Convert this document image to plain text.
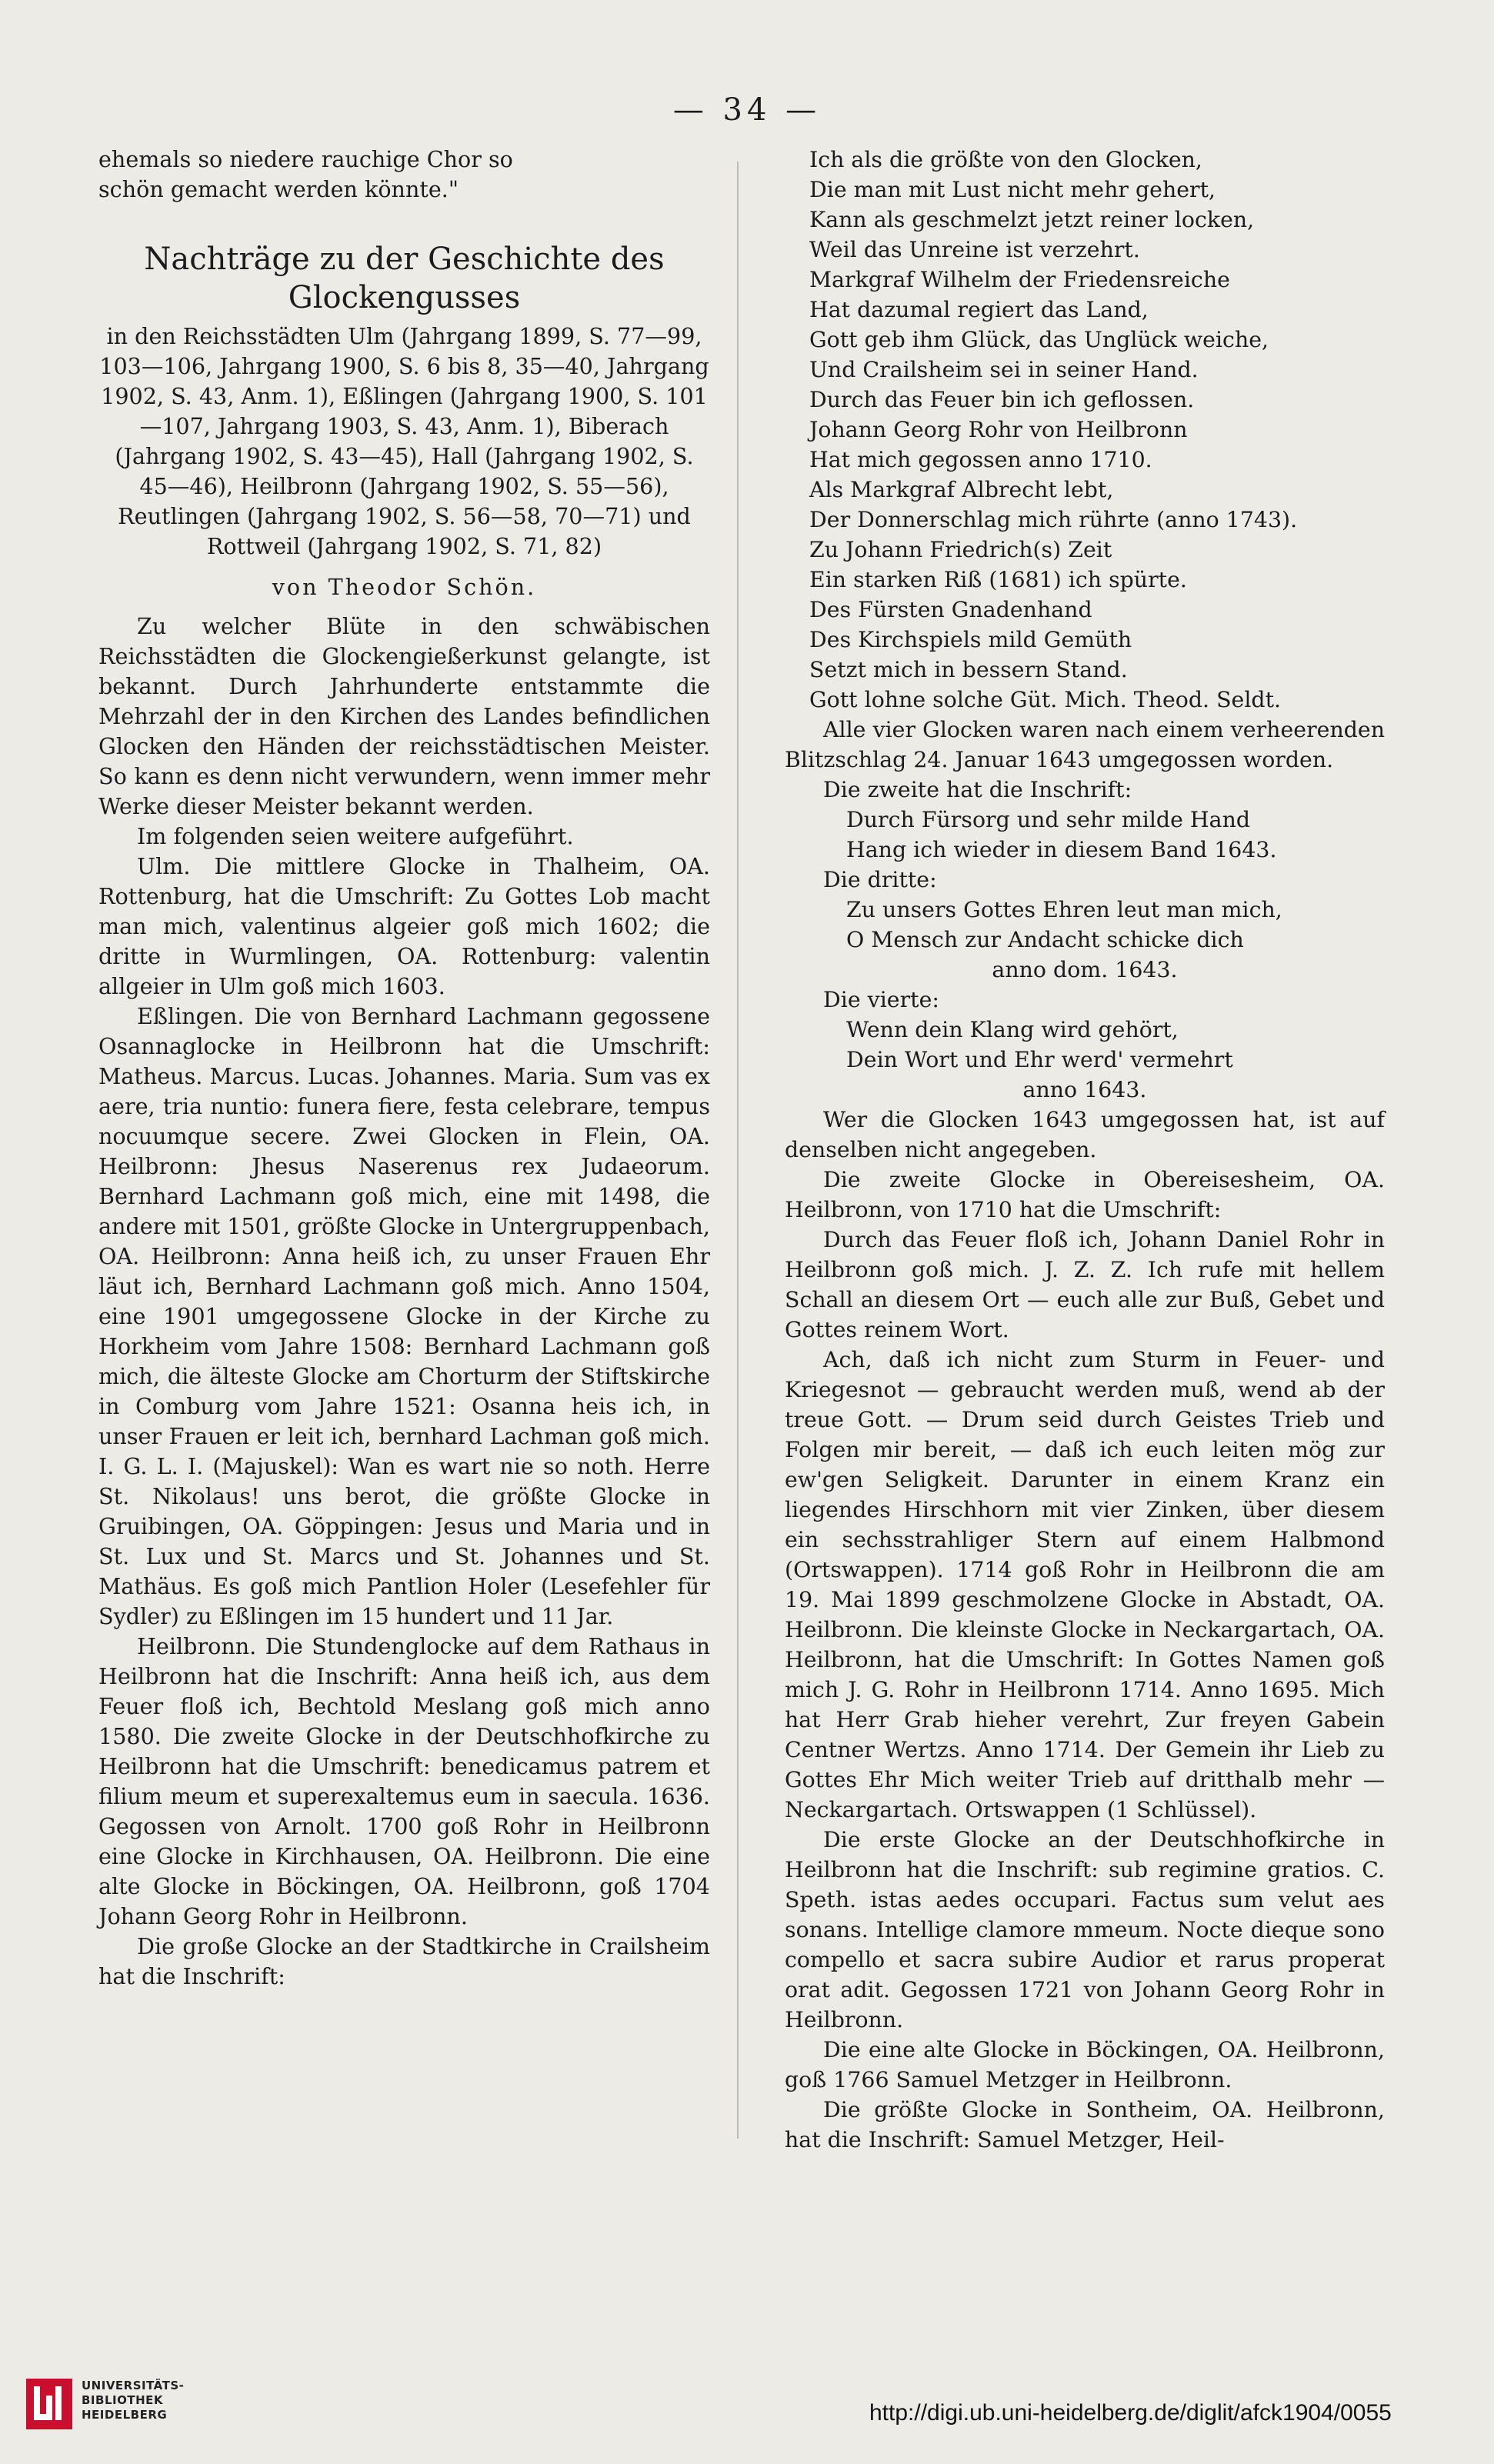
— 34 —

ehemals so niedere rauchige Chor so

schön gemacht werden könnte."

Nachträge zu der Geschichte des Glockengusses

in den Reichsstädten Ulm (Jahrgang 1899, S. 77—99, 103—106, Jahrgang 1900, S. 6 bis 8, 35—40, Jahrgang 1902, S. 43, Anm. 1), Eßlingen (Jahrgang 1900, S. 101—107, Jahrgang 1903, S. 43, Anm. 1), Biberach (Jahrgang 1902, S. 43—45), Hall (Jahrgang 1902, S. 45—46), Heilbronn (Jahrgang 1902, S. 55—56), Reutlingen (Jahrgang 1902, S. 56—58, 70—71) und Rottweil (Jahrgang 1902, S. 71, 82)

von Theodor Schön.

Zu welcher Blüte in den schwäbischen Reichsstädten die Glockengießerkunst gelangte, ist bekannt. Durch Jahrhunderte entstammte die Mehrzahl der in den Kirchen des Landes befindlichen Glocken den Händen der reichsstädtischen Meister. So kann es denn nicht verwundern, wenn immer mehr Werke dieser Meister bekannt werden.

Im folgenden seien weitere aufgeführt.

Ulm. Die mittlere Glocke in Thalheim, OA. Rottenburg, hat die Umschrift: Zu Gottes Lob macht man mich, valentinus algeier goß mich 1602; die dritte in Wurmlingen, OA. Rottenburg: valentin allgeier in Ulm goß mich 1603.

Eßlingen. Die von Bernhard Lachmann gegossene Osannaglocke in Heilbronn hat die Umschrift: Matheus. Marcus. Lucas. Johannes. Maria. Sum vas ex aere, tria nuntio: funera fiere, festa celebrare, tempus nocuumque secere. Zwei Glocken in Flein, OA. Heilbronn: Jhesus Naserenus rex Judaeorum. Bernhard Lachmann goß mich, eine mit 1498, die andere mit 1501, größte Glocke in Untergruppenbach, OA. Heilbronn: Anna heiß ich, zu unser Frauen Ehr läut ich, Bernhard Lachmann goß mich. Anno 1504, eine 1901 umgegossene Glocke in der Kirche zu Horkheim vom Jahre 1508: Bernhard Lachmann goß mich, die älteste Glocke am Chorturm der Stiftskirche in Comburg vom Jahre 1521: Osanna heis ich, in unser Frauen er leit ich, bernhard Lachman goß mich. I. G. L. I. (Majuskel): Wan es wart nie so noth. Herre St. Nikolaus! uns berot, die größte Glocke in Gruibingen, OA. Göppingen: Jesus und Maria und in St. Lux und St. Marcs und St. Johannes und St. Mathäus. Es goß mich Pantlion Holer (Lesefehler für Sydler) zu Eßlingen im 15 hundert und 11 Jar.

Heilbronn. Die Stundenglocke auf dem Rathaus in Heilbronn hat die Inschrift: Anna heiß ich, aus dem Feuer floß ich, Bechtold Meslang goß mich anno 1580. Die zweite Glocke in der Deutschhofkirche zu Heilbronn hat die Umschrift: benedicamus patrem et filium meum et superexaltemus eum in saecula. 1636. Gegossen von Arnolt. 1700 goß Rohr in Heilbronn eine Glocke in Kirchhausen, OA. Heilbronn. Die eine alte Glocke in Böckingen, OA. Heilbronn, goß 1704 Johann Georg Rohr in Heilbronn.

Die große Glocke an der Stadtkirche in Crailsheim hat die Inschrift:

Ich als die größte von den Glocken,

Die man mit Lust nicht mehr gehert,

Kann als geschmelzt jetzt reiner locken,

Weil das Unreine ist verzehrt.

Markgraf Wilhelm der Friedensreiche

Hat dazumal regiert das Land,

Gott geb ihm Glück, das Unglück weiche,

Und Crailsheim sei in seiner Hand.

Durch das Feuer bin ich geflossen.

Johann Georg Rohr von Heilbronn

Hat mich gegossen anno 1710.

Als Markgraf Albrecht lebt,

Der Donnerschlag mich rührte (anno 1743).

Zu Johann Friedrich(s) Zeit

Ein starken Riß (1681) ich spürte.

Des Fürsten Gnadenhand

Des Kirchspiels mild Gemüth

Setzt mich in bessern Stand.

Gott lohne solche Güt. Mich. Theod. Seldt.

Alle vier Glocken waren nach einem verheerenden Blitzschlag 24. Januar 1643 umgegossen worden.

Die zweite hat die Inschrift:

Durch Fürsorg und sehr milde Hand

Hang ich wieder in diesem Band 1643.

Die dritte:

Zu unsers Gottes Ehren leut man mich,

O Mensch zur Andacht schicke dich

anno dom. 1643.

Die vierte:

Wenn dein Klang wird gehört,

Dein Wort und Ehr werd' vermehrt

anno 1643.

Wer die Glocken 1643 umgegossen hat, ist auf denselben nicht angegeben.

Die zweite Glocke in Obereisesheim, OA. Heilbronn, von 1710 hat die Umschrift:

Durch das Feuer floß ich, Johann Daniel Rohr in Heilbronn goß mich. J. Z. Z. Ich rufe mit hellem Schall an diesem Ort — euch alle zur Buß, Gebet und Gottes reinem Wort.

Ach, daß ich nicht zum Sturm in Feuer- und Kriegesnot — gebraucht werden muß, wend ab der treue Gott. — Drum seid durch Geistes Trieb und Folgen mir bereit, — daß ich euch leiten mög zur ew'gen Seligkeit. Darunter in einem Kranz ein liegendes Hirschhorn mit vier Zinken, über diesem ein sechsstrahliger Stern auf einem Halbmond (Ortswappen). 1714 goß Rohr in Heilbronn die am 19. Mai 1899 geschmolzene Glocke in Abstadt, OA. Heilbronn. Die kleinste Glocke in Neckargartach, OA. Heilbronn, hat die Umschrift: In Gottes Namen goß mich J. G. Rohr in Heilbronn 1714. Anno 1695. Mich hat Herr Grab hieher verehrt, Zur freyen Gabein Centner Wertzs. Anno 1714. Der Gemein ihr Lieb zu Gottes Ehr Mich weiter Trieb auf dritthalb mehr — Neckargartach. Ortswappen (1 Schlüssel).

Die erste Glocke an der Deutschhofkirche in Heilbronn hat die Inschrift: sub regimine gratios. C. Speth. istas aedes occupari. Factus sum velut aes sonans. Intellige clamore mmeum. Nocte dieque sono compello et sacra subire Audior et rarus properat orat adit. Gegossen 1721 von Johann Georg Rohr in Heilbronn.

Die eine alte Glocke in Böckingen, OA. Heilbronn, goß 1766 Samuel Metzger in Heilbronn.

Die größte Glocke in Sontheim, OA. Heilbronn, hat die Inschrift: Samuel Metzger, Heil-

UNIVERSITÄTS-
BIBLIOTHEK
HEIDELBERG	http://digi.ub.uni-heidelberg.de/diglit/afck1904/0055
